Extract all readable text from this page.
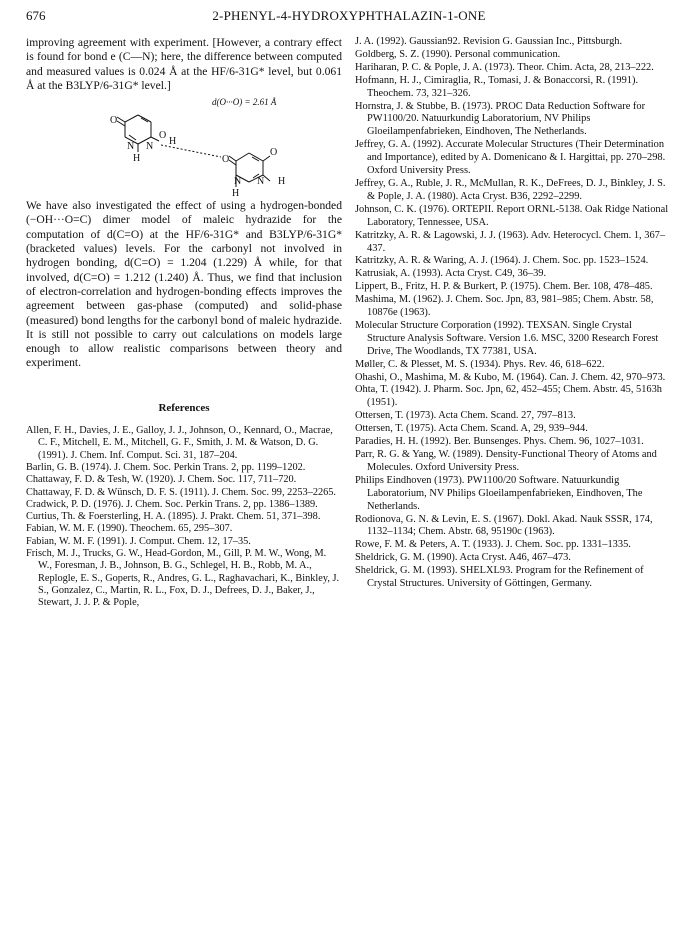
676	2-PHENYL-4-HYDROXYPHTHALAZIN-1-ONE

improving agreement with experiment. [However, a contrary effect is found for bond e (C—N); here, the difference between computed and measured values is 0.024 Å at the HF/6-31G* level, but 0.061 Å at the B3LYP/6-31G* level.]

d(O···O) = 2.61 Å
O
N N
H
O
H
O
N N
H
O
H

We have also investigated the effect of using a hydrogen-bonded (−OH···O=C) dimer model of maleic hydrazide for the computation of d(C=O) at the HF/6-31G* and B3LYP/6-31G* (bracketed values) levels. For the carbonyl not involved in hydrogen bonding, d(C=O) = 1.204 (1.229) Å while, for that involved, d(C=O) = 1.212 (1.240) Å. Thus, we find that inclusion of electron-correlation and hydrogen-bonding effects improves the agreement between gas-phase (computed) and solid-phase (measured) bond lengths for the carbonyl bond of maleic hydrazide. It is still not possible to carry out calculations on models large enough to allow realistic comparisons between theory and experiment.

References

Allen, F. H., Davies, J. E., Galloy, J. J., Johnson, O., Kennard, O., Macrae, C. F., Mitchell, E. M., Mitchell, G. F., Smith, J. M. & Watson, D. G. (1991). J. Chem. Inf. Comput. Sci. 31, 187–204.

Barlin, G. B. (1974). J. Chem. Soc. Perkin Trans. 2, pp. 1199–1202.

Chattaway, F. D. & Tesh, W. (1920). J. Chem. Soc. 117, 711–720.

Chattaway, F. D. & Wünsch, D. F. S. (1911). J. Chem. Soc. 99, 2253–2265.

Cradwick, P. D. (1976). J. Chem. Soc. Perkin Trans. 2, pp. 1386–1389.

Curtius, Th. & Foersterling, H. A. (1895). J. Prakt. Chem. 51, 371–398.

Fabian, W. M. F. (1990). Theochem. 65, 295–307.

Fabian, W. M. F. (1991). J. Comput. Chem. 12, 17–35.

Frisch, M. J., Trucks, G. W., Head-Gordon, M., Gill, P. M. W., Wong, M. W., Foresman, J. B., Johnson, B. G., Schlegel, H. B., Robb, M. A., Replogle, E. S., Goperts, R., Andres, G. L., Raghavachari, K., Binkley, J. S., Gonzalez, C., Martin, R. L., Fox, D. J., Defrees, D. J., Baker, J., Stewart, J. J. P. & Pople,

J. A. (1992). Gaussian92. Revision G. Gaussian Inc., Pittsburgh.

Goldberg, S. Z. (1990). Personal communication.

Hariharan, P. C. & Pople, J. A. (1973). Theor. Chim. Acta, 28, 213–222.

Hofmann, H. J., Cimiraglia, R., Tomasi, J. & Bonaccorsi, R. (1991). Theochem. 73, 321–326.

Hornstra, J. & Stubbe, B. (1973). PROC Data Reduction Software for PW1100/20. Natuurkundig Laboratorium, NV Philips Gloeilampenfabrieken, Eindhoven, The Netherlands.

Jeffrey, G. A. (1992). Accurate Molecular Structures (Their Determination and Importance), edited by A. Domenicano & I. Hargittai, pp. 270–298. Oxford University Press.

Jeffrey, G. A., Ruble, J. R., McMullan, R. K., DeFrees, D. J., Binkley, J. S. & Pople, J. A. (1980). Acta Cryst. B36, 2292–2299.

Johnson, C. K. (1976). ORTEPII. Report ORNL-5138. Oak Ridge National Laboratory, Tennessee, USA.

Katritzky, A. R. & Lagowski, J. J. (1963). Adv. Heterocycl. Chem. 1, 367–437.

Katritzky, A. R. & Waring, A. J. (1964). J. Chem. Soc. pp. 1523–1524.

Katrusiak, A. (1993). Acta Cryst. C49, 36–39.

Lippert, B., Fritz, H. P. & Burkert, P. (1975). Chem. Ber. 108, 478–485.

Mashima, M. (1962). J. Chem. Soc. Jpn, 83, 981–985; Chem. Abstr. 58, 10876e (1963).

Molecular Structure Corporation (1992). TEXSAN. Single Crystal Structure Analysis Software. Version 1.6. MSC, 3200 Research Forest Drive, The Woodlands, TX 77381, USA.

Møller, C. & Plesset, M. S. (1934). Phys. Rev. 46, 618–622.

Ohashi, O., Mashima, M. & Kubo, M. (1964). Can. J. Chem. 42, 970–973.

Ohta, T. (1942). J. Pharm. Soc. Jpn, 62, 452–455; Chem. Abstr. 45, 5163h (1951).

Ottersen, T. (1973). Acta Chem. Scand. 27, 797–813.

Ottersen, T. (1975). Acta Chem. Scand. A, 29, 939–944.

Paradies, H. H. (1992). Ber. Bunsenges. Phys. Chem. 96, 1027–1031.

Parr, R. G. & Yang, W. (1989). Density-Functional Theory of Atoms and Molecules. Oxford University Press.

Philips Eindhoven (1973). PW1100/20 Software. Natuurkundig Laboratorium, NV Philips Gloeilampenfabrieken, Eindhoven, The Netherlands.

Rodionova, G. N. & Levin, E. S. (1967). Dokl. Akad. Nauk SSSR, 174, 1132–1134; Chem. Abstr. 68, 95190c (1963).

Rowe, F. M. & Peters, A. T. (1933). J. Chem. Soc. pp. 1331–1335.

Sheldrick, G. M. (1990). Acta Cryst. A46, 467–473.

Sheldrick, G. M. (1993). SHELXL93. Program for the Refinement of Crystal Structures. University of Göttingen, Germany.
